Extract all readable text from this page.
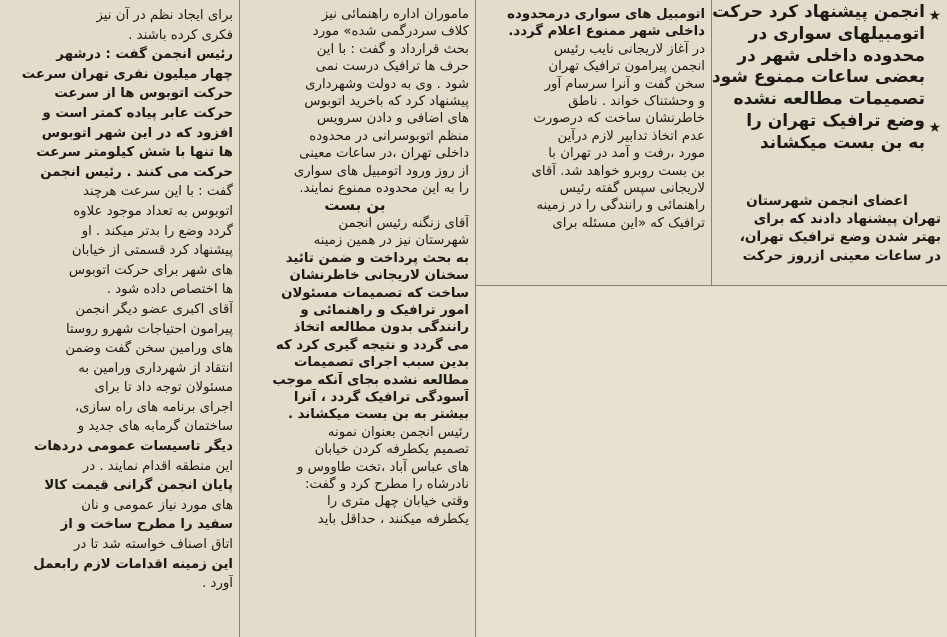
★
★
انجمن پیشنهاد کرد حرکت
اتومبیلهای سواری در
محدوده داخلی شهر در
بعضی ساعات ممنوع شود
تصمیمات مطالعه نشده
وضع ترافیک تهران را
به بن بست میکشاند
اعضای انجمن شهرستان
تهران پیشنهاد دادند که برای
بهتر شدن وضع ترافیک تهران،
در ساعات معینی ازروز حرکت
اتومبیل های سواری درمحدوده
داخلی شهر ممنوع اعلام گردد.
در آغاز لاریجانی نایب رئیس
انجمن پیرامون ترافیک تهران
سخن گفت و آنرا سرسام آور
و وحشتناک خواند . ناطق
خاطرنشان ساخت که درصورت
عدم اتخاذ تدابیر لازم درآین
مورد ،رفت و آمد در تهران با
بن بست روبرو خواهد شد. آقای
لاریجانی سپس گفته رئیس
راهنمائی و رانندگی را در زمینه
ترافیک که «این مسئله برای
ماموران اداره راهنمائی نیز
کلاف سردرگمی شده» مورد
بحث قرارداد و گفت : با این
حرف ها ترافیک درست نمی
شود . وی به دولت وشهرداری
پیشنهاد کرد که باخرید اتوبوس
های اضافی و دادن سرویس
منظم اتوبوسرانی در محدوده
داخلی تهران ،در ساعات معینی
از روز ورود اتومبیل های سواری
را به این محدوده ممنوع نمایند.
بن بست
آقای زنگنه رئیس انجمن
شهرستان نیز در همین زمینه
به بحث پرداخت و ضمن تائید
سخنان لاریجانی خاطرنشان
ساخت که تصمیمات مسئولان
امور ترافیک و راهنمائی و
رانندگی بدون مطالعه اتخاذ
می گردد و نتیجه گیری کرد که
بدین سبب اجرای تصمیمات
مطالعه نشده بجای آنکه موجب
آسودگی ترافیک گردد ، آنرا
بیشتر به بن بست میکشاند .
رئیس انجمن بعنوان نمونه
تصمیم یکطرفه کردن خیابان
های عباس آباد ،تخت طاووس و
نادرشاه را مطرح کرد و گفت:
وقتی خیابان چهل متری را
یکطرفه میکنند ، حداقل باید
برای ایجاد نظم در آن نیز
فکری کرده باشند .
رئیس انجمن گفت : درشهر
چهار میلیون نفری تهران سرعت
حرکت اتوبوس ها از سرعت
حرکت عابر پیاده کمتر است و
افزود که در این شهر اتوبوس
ها تنها با شش کیلومتر سرعت
حرکت می کنند . رئیس انجمن
گفت : با این سرعت هرچند
اتوبوس به تعداد موجود علاوه
گردد وضع را بدتر میکند . او
پیشنهاد کرد قسمتی از خیابان
های شهر برای حرکت اتوبوس
ها اختصاص داده شود .
آقای اکبری عضو دیگر انجمن
پیرامون احتیاجات شهرو روستا
های ورامین سخن گفت وضمن
انتقاد از شهرداری ورامین به
مسئولان توجه داد تا برای
اجرای برنامه های راه سازی،
ساختمان گرمابه های جدید و
دیگر تاسیسات عمومی دردهات
این منطقه اقدام نمایند . در
پایان انجمن گرانی قیمت کالا
های مورد نیاز عمومی و نان
سفید را مطرح ساخت و از
اتاق اصناف خواسته شد تا در
این زمینه اقدامات لازم رابعمل
آورد .
